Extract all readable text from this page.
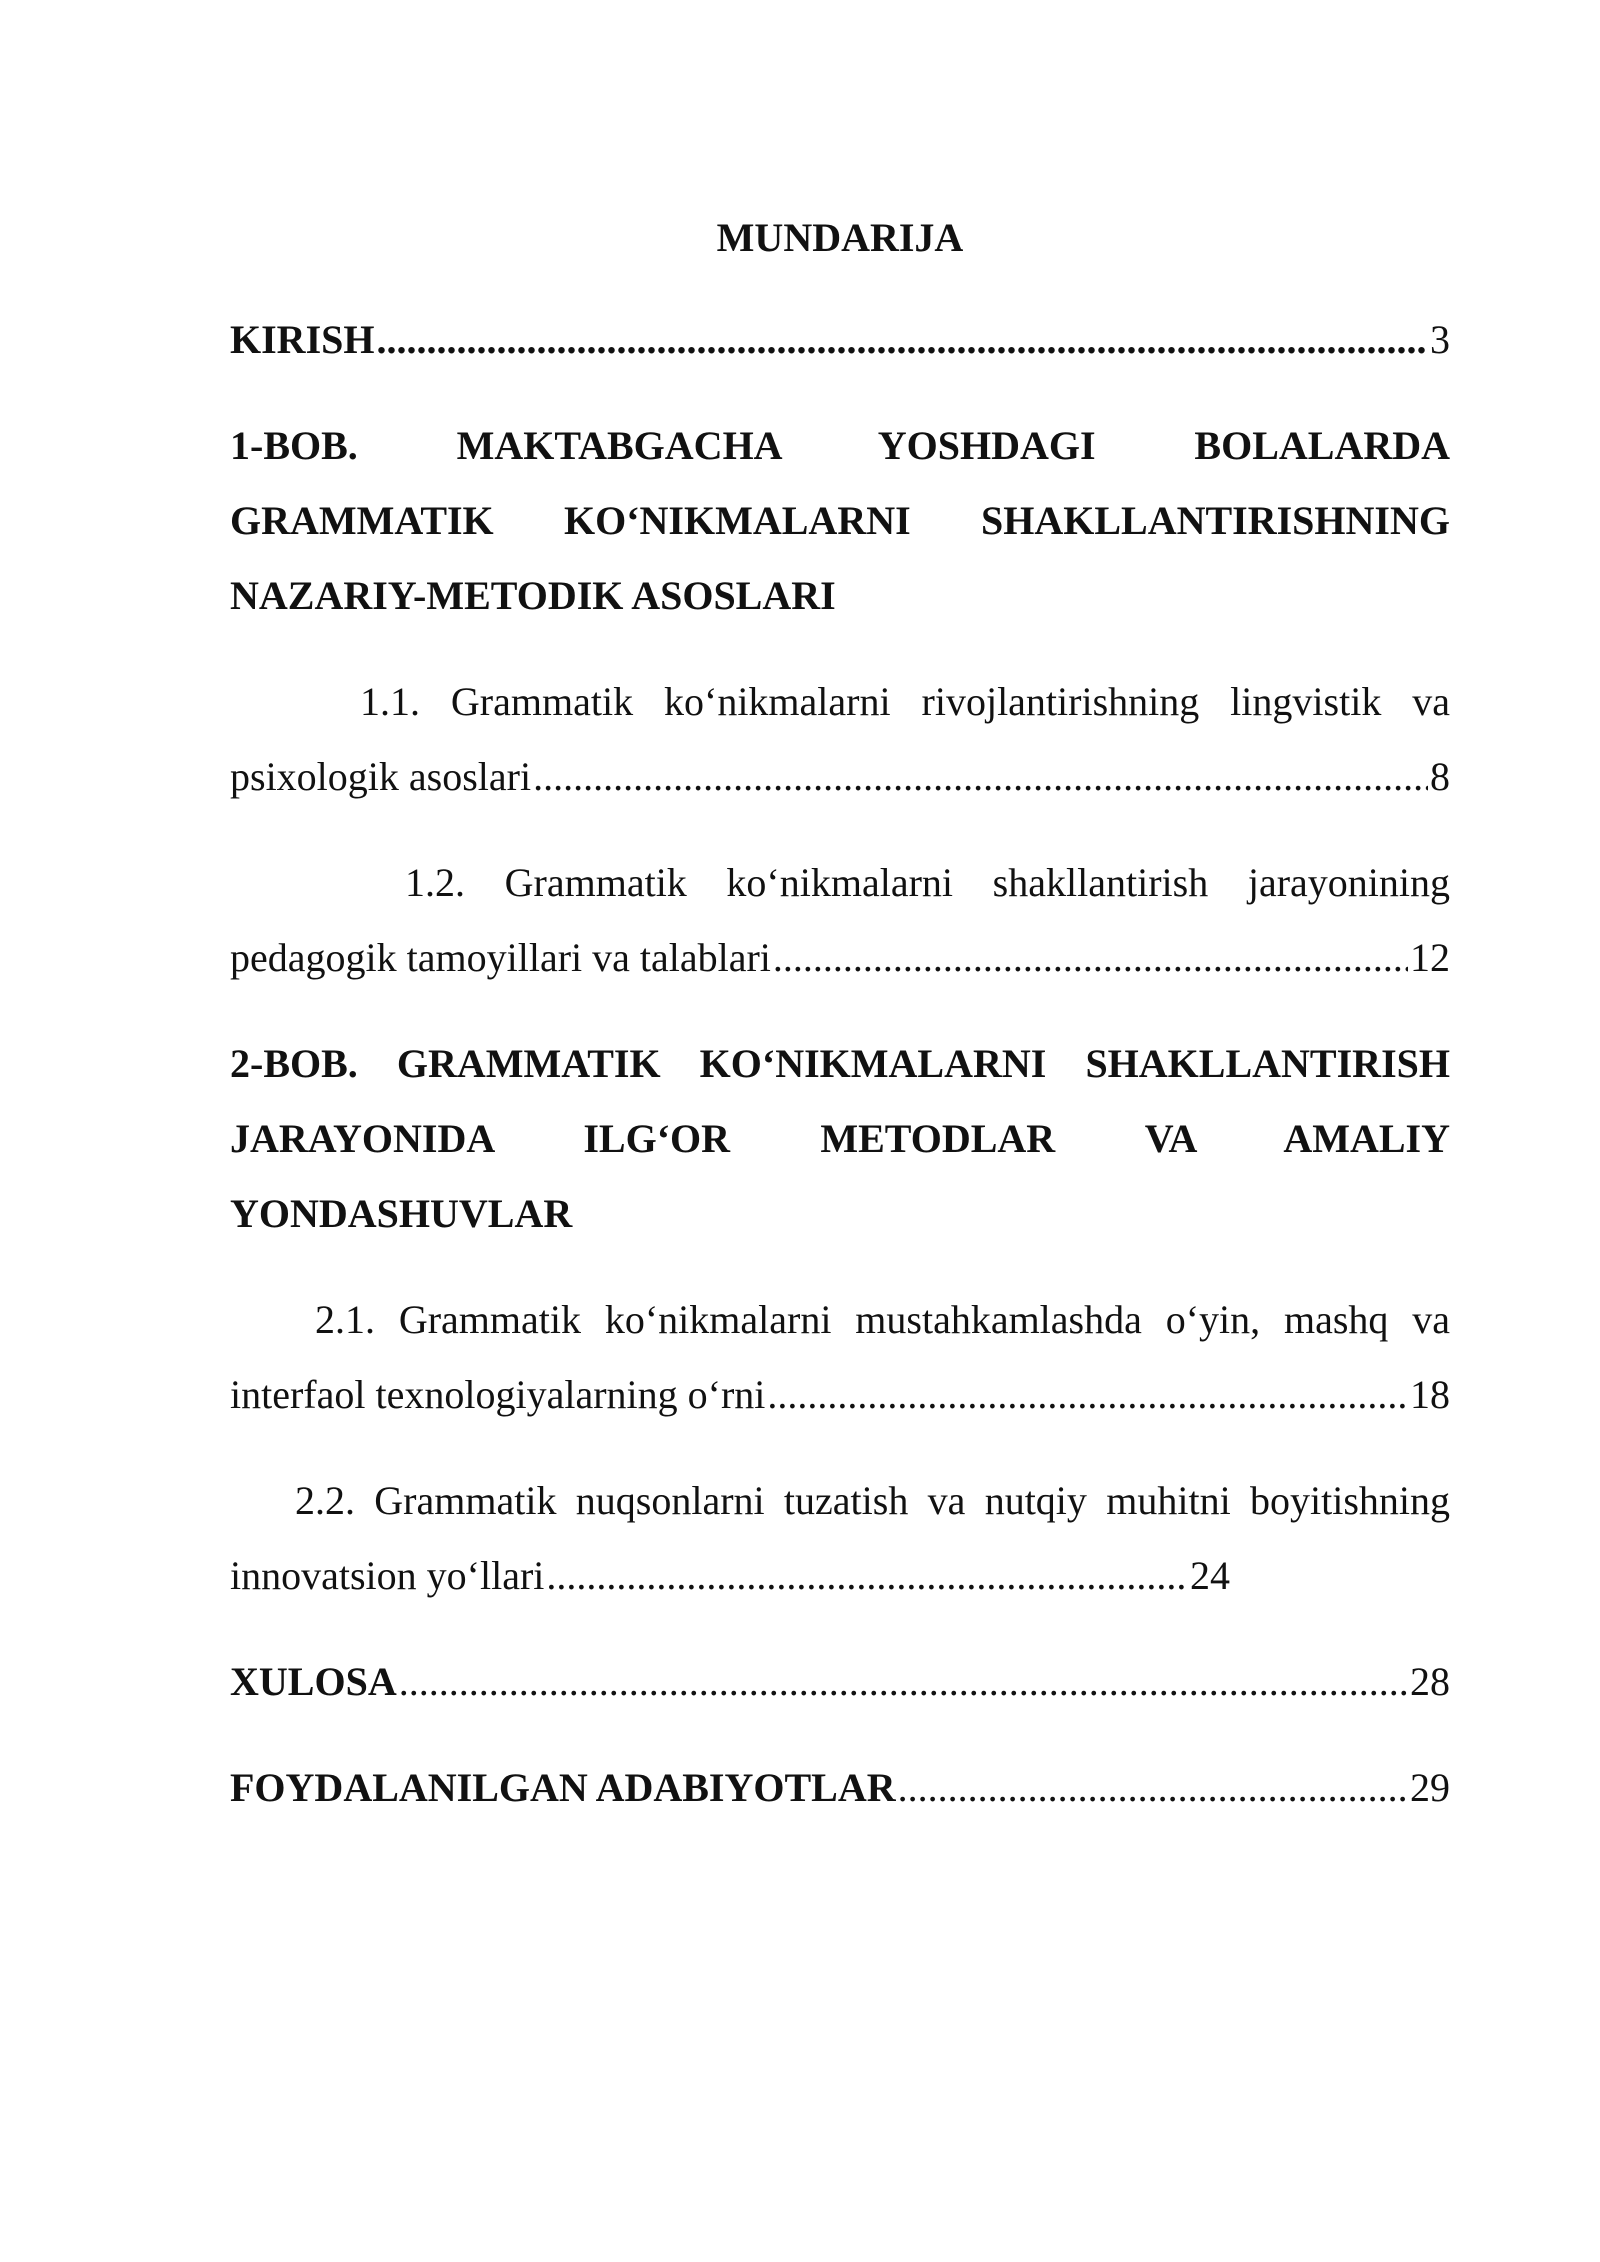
MUNDARIJA
KIRISH .....	3
1-BOB. MAKTABGACHA YOSHDAGI BOLALARDA
GRAMMATIK KO‘NIKMALARNI SHAKLLANTIRISHNING
NAZARIY-METODIK ASOSLARI
1.1. Grammatik ko‘nikmalarni rivojlantirishning lingvistik va
psixologik asoslari .....	8
1.2. Grammatik ko‘nikmalarni shakllantirish jarayonining
pedagogik tamoyillari va talablari .....	12
2-BOB. GRAMMATIK KO‘NIKMALARNI SHAKLLANTIRISH
JARAYONIDA ILG‘OR METODLAR VA AMALIY
YONDASHUVLAR
2.1. Grammatik ko‘nikmalarni mustahkamlashda o‘yin, mashq va
interfaol texnologiyalarning o‘rni .....	18
2.2. Grammatik nuqsonlarni tuzatish va nutqiy muhitni boyitishning
innovatsion yo‘llari .....	24
XULOSA .....	28
FOYDALANILGAN ADABIYOTLAR .....	29
